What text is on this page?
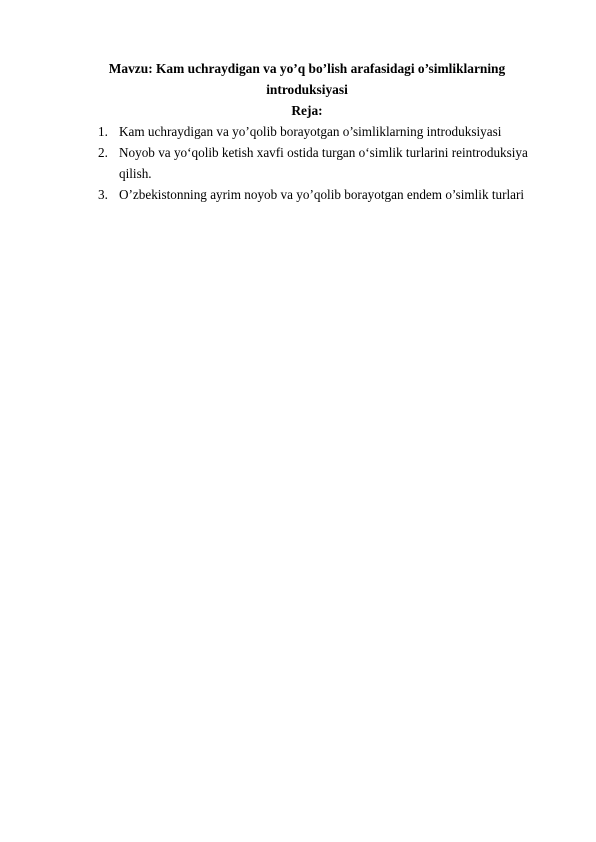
Mavzu: Kam uchraydigan va yo’q bo’lish arafasidagi o’simliklarning
introduksiyasi
Reja:
1. Kam uchraydigan va yo’qolib borayotgan o’simliklarning introduksiyasi
2. Noyob va yo‘qolib ketish xavfi ostida turgan o‘simlik turlarini reintroduksiya
qilish.
3. O’zbekistonning ayrim noyob va yo’qolib borayotgan endem o’simlik turlari
